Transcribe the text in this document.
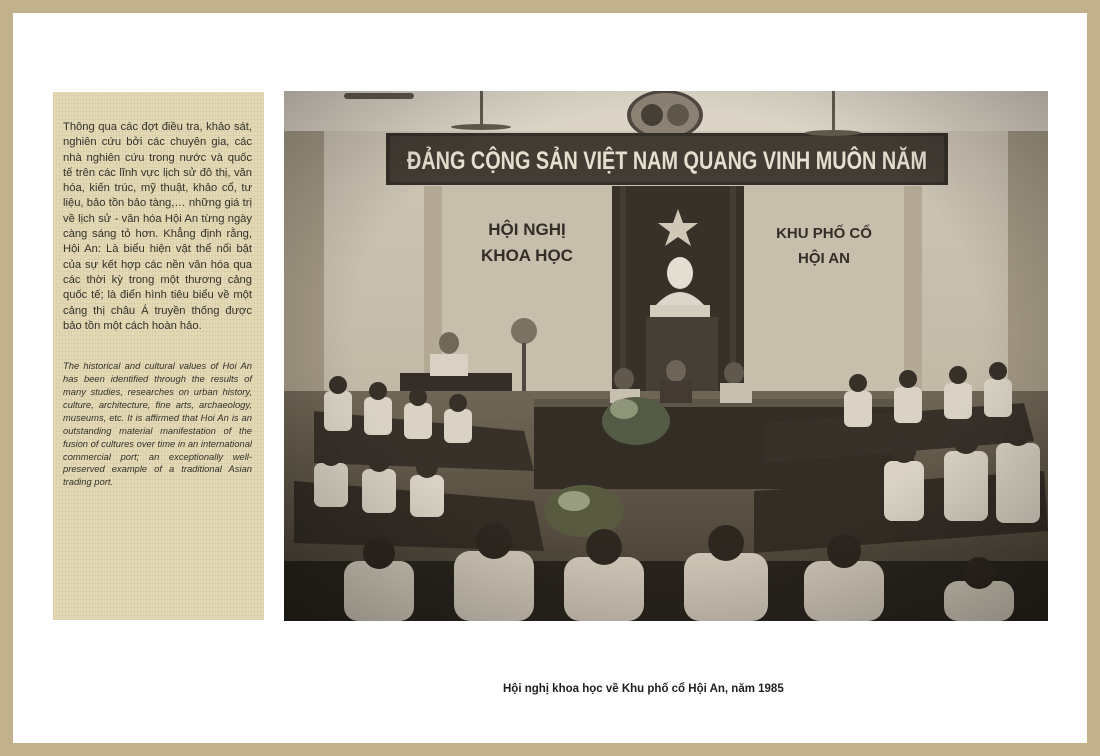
Thông qua các đợt điều tra, khảo sát, nghiên cứu bởi các chuyên gia, các nhà nghiên cứu trong nước và quốc tế trên các lĩnh vực lịch sử đô thị, văn hóa, kiến trúc, mỹ thuật, khảo cổ, tư liệu, bảo tồn bảo tàng,… những giá trị về lịch sử - văn hóa Hội An từng ngày càng sáng tỏ hơn. Khẳng định rằng, Hội An: Là biểu hiện vật thể nổi bật của sự kết hợp các nền văn hóa qua các thời kỳ trong một thương cảng quốc tế; là điển hình tiêu biểu về một cảng thị châu Á truyền thống được bảo tồn một cách hoàn hảo.

The historical and cultural values of Hoi An has been identified through the results of many studies, researches on urban history, culture, architecture, fine arts, archaeology, museums, etc. It is affirmed that Hoi An is an outstanding material manifestation of the fusion of cultures over time in an international commercial port; an exceptionally well-preserved example of a traditional Asian trading port.

Hội nghị khoa học về Khu phố cổ Hội An, năm 1985
